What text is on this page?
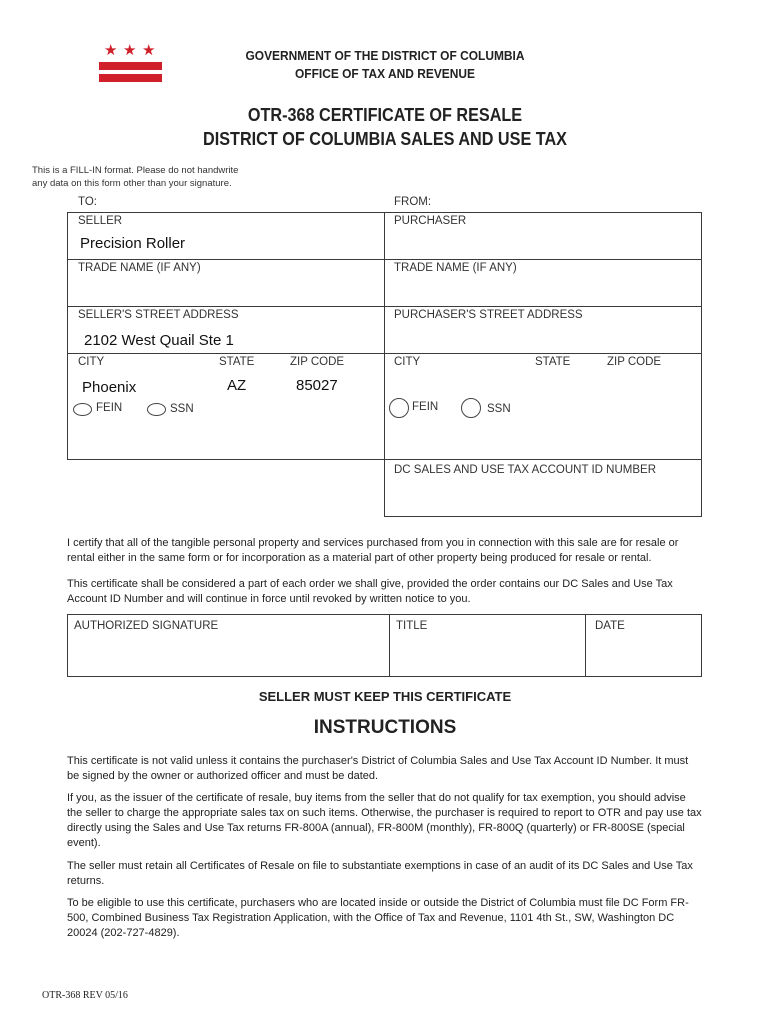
★ ★ ★	GOVERNMENT OF THE DISTRICT OF COLUMBIA
OFFICE OF TAX AND REVENUE
OTR-368 CERTIFICATE OF RESALE
DISTRICT OF COLUMBIA SALES AND USE TAX
This is a FILL-IN format. Please do not handwrite
any data on this form other than your signature.
TO:	FROM:
SELLER
Precision Roller
TRADE NAME (IF ANY)
SELLER'S STREET ADDRESS
2102 West Quail Ste 1
CITY	STATE	ZIP CODE
Phoenix	AZ	85027
FEIN	SSN
PURCHASER
TRADE NAME (IF ANY)
PURCHASER'S STREET ADDRESS
CITY	STATE	ZIP CODE
FEIN	SSN
DC SALES AND USE TAX ACCOUNT ID NUMBER
I certify that all of the tangible personal property and services purchased from you in connection with this sale are for resale or
rental either in the same form or for incorporation as a material part of other property being produced for resale or rental.
This certificate shall be considered a part of each order we shall give, provided the order contains our DC Sales and Use Tax
Account ID Number and will continue in force until revoked by written notice to you.
AUTHORIZED SIGNATURE	TITLE	DATE
SELLER MUST KEEP THIS CERTIFICATE
INSTRUCTIONS
This certificate is not valid unless it contains the purchaser's District of Columbia Sales and Use Tax Account ID Number. It must
be signed by the owner or authorized officer and must be dated.
If you, as the issuer of the certificate of resale, buy items from the seller that do not qualify for tax exemption, you should advise
the seller to charge the appropriate sales tax on such items. Otherwise, the purchaser is required to report to OTR and pay use tax
directly using the Sales and Use Tax returns FR-800A (annual), FR-800M (monthly), FR-800Q (quarterly) or FR-800SE (special
event).
The seller must retain all Certificates of Resale on file to substantiate exemptions in case of an audit of its DC Sales and Use Tax
returns.
To be eligible to use this certificate, purchasers who are located inside or outside the District of Columbia must file DC Form FR-
500, Combined Business Tax Registration Application, with the Office of Tax and Revenue, 1101 4th St., SW, Washington DC
20024 (202-727-4829).
OTR-368 REV 05/16
